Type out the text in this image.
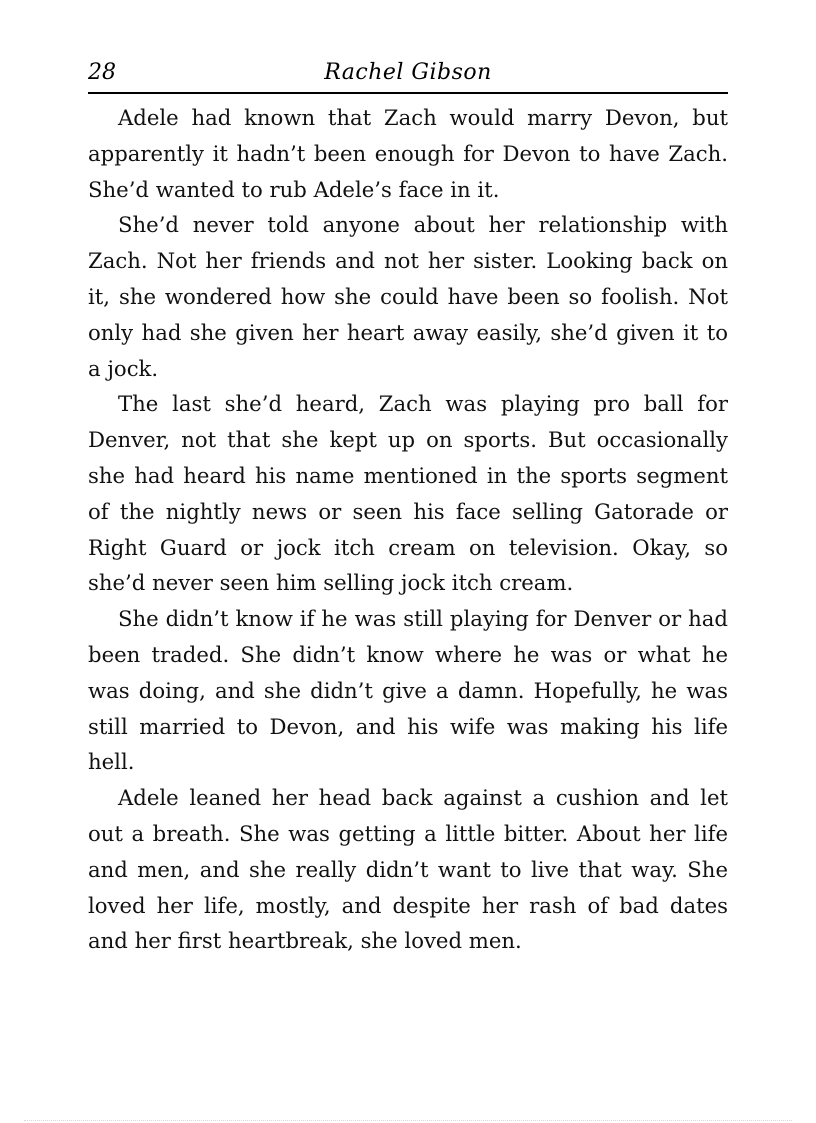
28	Rachel Gibson

Adele had known that Zach would marry Devon, but apparently it hadn’t been enough for Devon to have Zach. She’d wanted to rub Adele’s face in it.

She’d never told anyone about her relationship with Zach. Not her friends and not her sister. Looking back on it, she wondered how she could have been so foolish. Not only had she given her heart away easily, she’d given it to a jock.

The last she’d heard, Zach was playing pro ball for Denver, not that she kept up on sports. But occasionally she had heard his name mentioned in the sports segment of the nightly news or seen his face selling Gatorade or Right Guard or jock itch cream on television. Okay, so she’d never seen him selling jock itch cream.

She didn’t know if he was still playing for Denver or had been traded. She didn’t know where he was or what he was doing, and she didn’t give a damn. Hopefully, he was still married to Devon, and his wife was making his life hell.

Adele leaned her head back against a cushion and let out a breath. She was getting a little bitter. About her life and men, and she really didn’t want to live that way. She loved her life, mostly, and despite her rash of bad dates and her first heartbreak, she loved men.
